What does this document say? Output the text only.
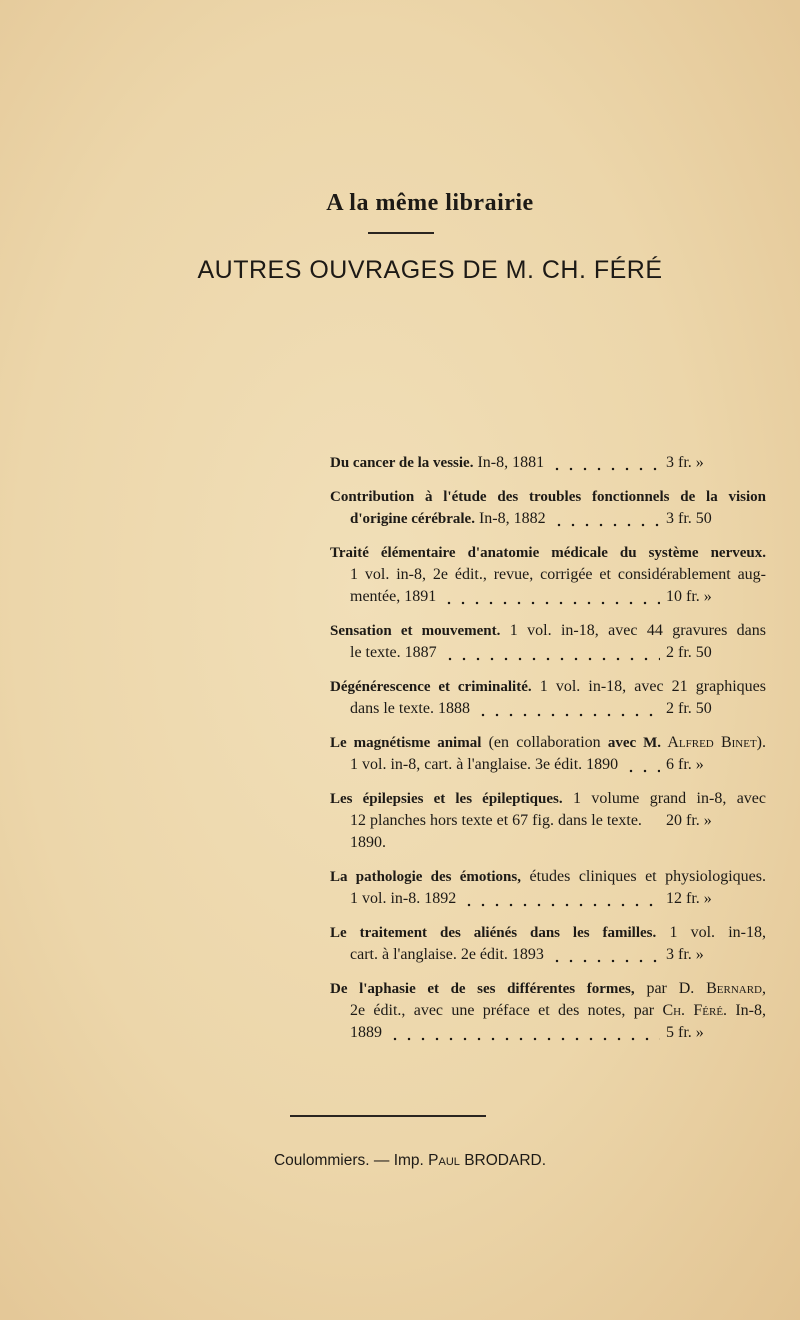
A la même librairie
AUTRES OUVRAGES DE M. CH. FÉRÉ
Du cancer de la vessie. In-8, 1881	3 fr. »
Contribution à l'étude des troubles fonctionnels de la vision
d'origine cérébrale. In-8, 1882	3 fr. 50
Traité élémentaire d'anatomie médicale du système nerveux.
1 vol. in-8, 2e édit., revue, corrigée et considérablement aug-
mentée, 1891	10 fr. »
Sensation et mouvement. 1 vol. in-18, avec 44 gravures dans
le texte. 1887	2 fr. 50
Dégénérescence et criminalité. 1 vol. in-18, avec 21 graphiques
dans le texte. 1888	2 fr. 50
Le magnétisme animal (en collaboration avec M. Alfred Binet).
1 vol. in-8, cart. à l'anglaise. 3e édit. 1890	6 fr. »
Les épilepsies et les épileptiques. 1 volume grand in-8, avec
12 planches hors texte et 67 fig. dans le texte. 1890.
20 fr. »
La pathologie des émotions, études cliniques et physiologiques.
1 vol. in-8. 1892	12 fr. »
Le traitement des aliénés dans les familles. 1 vol. in-18,
cart. à l'anglaise. 2e édit. 1893	3 fr. »
De l'aphasie et de ses différentes formes, par D. Bernard,
2e édit., avec une préface et des notes, par Ch. Féré. In-8,
1889	5 fr. »
Coulommiers. — Imp. Paul BRODARD.
